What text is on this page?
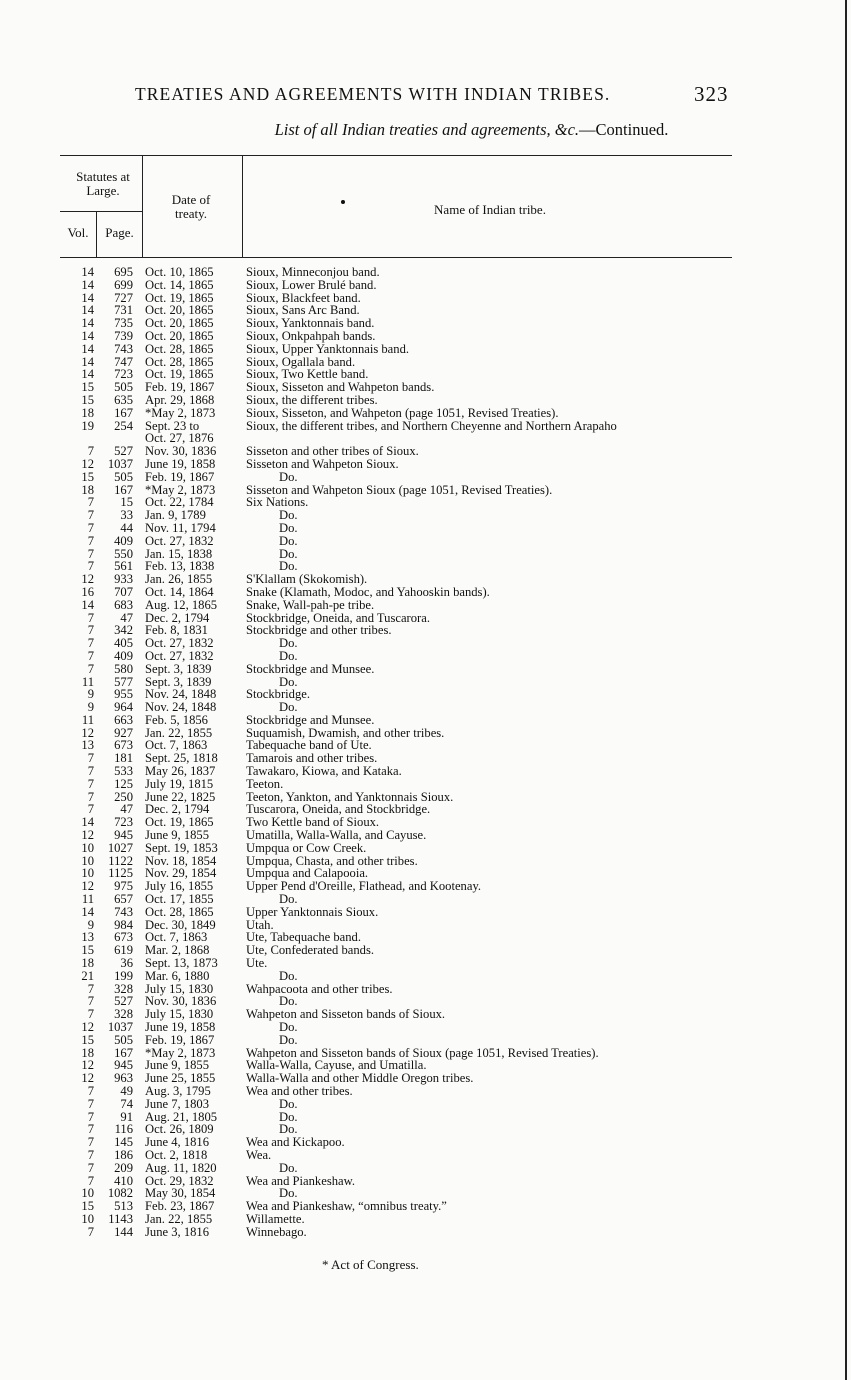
TREATIES AND AGREEMENTS WITH INDIAN TRIBES.	323
List of all Indian treaties and agreements, &c.—Continued.
Statutes at Large.
Vol.	Page.
Date of treaty.	Name of Indian tribe.
14	695 Oct. 10, 1865	Sioux, Minneconjou band.
14	699 Oct. 14, 1865	Sioux, Lower Brulé band.
14	727 Oct. 19, 1865	Sioux, Blackfeet band.
14	731 Oct. 20, 1865	Sioux, Sans Arc Band.
14	735 Oct. 20, 1865	Sioux, Yanktonnais band.
14	739 Oct. 20, 1865	Sioux, Onkpahpah bands.
14	743 Oct. 28, 1865	Sioux, Upper Yanktonnais band.
14	747 Oct. 28, 1865	Sioux, Ogallala band.
14	723 Oct. 19, 1865	Sioux, Two Kettle band.
15	505 Feb. 19, 1867	Sioux, Sisseton and Wahpeton bands.
15	635 Apr. 29, 1868	Sioux, the different tribes.
18	167 *May 2, 1873	Sioux, Sisseton, and Wahpeton (page 1051, Revised Treaties).
19	254 Sept. 23 to	Sioux, the different tribes, and Northern Cheyenne and Northern Arapaho
Oct. 27, 1876
7	527 Nov. 30, 1836	Sisseton and other tribes of Sioux.
12	1037 June 19, 1858	Sisseton and Wahpeton Sioux.
15	505 Feb. 19, 1867	Do.
18	167 *May 2, 1873	Sisseton and Wahpeton Sioux (page 1051, Revised Treaties).
7	15 Oct. 22, 1784	Six Nations.
7	33 Jan. 9, 1789	Do.
7	44 Nov. 11, 1794	Do.
7	409 Oct. 27, 1832	Do.
7	550 Jan. 15, 1838	Do.
7	561 Feb. 13, 1838	Do.
12	933 Jan. 26, 1855	S'Klallam (Skokomish).
16	707 Oct. 14, 1864	Snake (Klamath, Modoc, and Yahooskin bands).
14	683 Aug. 12, 1865	Snake, Wall-pah-pe tribe.
7	47 Dec. 2, 1794	Stockbridge, Oneida, and Tuscarora.
7	342 Feb. 8, 1831	Stockbridge and other tribes.
7	405 Oct. 27, 1832	Do.
7	409 Oct. 27, 1832	Do.
7	580 Sept. 3, 1839	Stockbridge and Munsee.
11	577 Sept. 3, 1839	Do.
9	955 Nov. 24, 1848	Stockbridge.
9	964 Nov. 24, 1848	Do.
11	663 Feb. 5, 1856	Stockbridge and Munsee.
12	927 Jan. 22, 1855	Suquamish, Dwamish, and other tribes.
13	673 Oct. 7, 1863	Tabequache band of Ute.
7	181 Sept. 25, 1818	Tamarois and other tribes.
7	533 May 26, 1837	Tawakaro, Kiowa, and Kataka.
7	125 July 19, 1815	Teeton.
7	250 June 22, 1825	Teeton, Yankton, and Yanktonnais Sioux.
7	47 Dec. 2, 1794	Tuscarora, Oneida, and Stockbridge.
14	723 Oct. 19, 1865	Two Kettle band of Sioux.
12	945 June 9, 1855	Umatilla, Walla-Walla, and Cayuse.
10	1027 Sept. 19, 1853	Umpqua or Cow Creek.
10	1122 Nov. 18, 1854	Umpqua, Chasta, and other tribes.
10	1125 Nov. 29, 1854	Umpqua and Calapooia.
12	975 July 16, 1855	Upper Pend d'Oreille, Flathead, and Kootenay.
11	657 Oct. 17, 1855	Do.
14	743 Oct. 28, 1865	Upper Yanktonnais Sioux.
9	984 Dec. 30, 1849	Utah.
13	673 Oct. 7, 1863	Ute, Tabequache band.
15	619 Mar. 2, 1868	Ute, Confederated bands.
18	36 Sept. 13, 1873	Ute.
21	199 Mar. 6, 1880	Do.
7	328 July 15, 1830	Wahpacoota and other tribes.
7	527 Nov. 30, 1836	Do.
7	328 July 15, 1830	Wahpeton and Sisseton bands of Sioux.
12	1037 June 19, 1858	Do.
15	505 Feb. 19, 1867	Do.
18	167 *May 2, 1873	Wahpeton and Sisseton bands of Sioux (page 1051, Revised Treaties).
12	945 June 9, 1855	Walla-Walla, Cayuse, and Umatilla.
12	963 June 25, 1855	Walla-Walla and other Middle Oregon tribes.
7	49 Aug. 3, 1795	Wea and other tribes.
7	74 June 7, 1803	Do.
7	91 Aug. 21, 1805	Do.
7	116 Oct. 26, 1809	Do.
7	145 June 4, 1816	Wea and Kickapoo.
7	186 Oct. 2, 1818	Wea.
7	209 Aug. 11, 1820	Do.
7	410 Oct. 29, 1832	Wea and Piankeshaw.
10	1082 May 30, 1854	Do.
15	513 Feb. 23, 1867	Wea and Piankeshaw, “omnibus treaty.”
10	1143 Jan. 22, 1855	Willamette.
7	144 June 3, 1816	Winnebago.
* Act of Congress.
